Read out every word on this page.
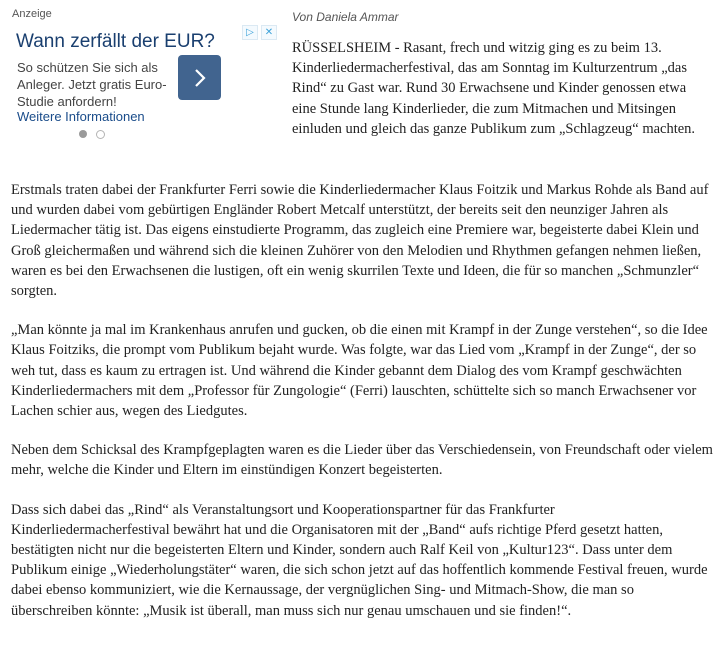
Anzeige
▷	✕
Wann zerfällt der EUR?
So schützen Sie sich als Anleger. Jetzt gratis Euro-Studie anfordern!
Weitere Informationen
Von Daniela Ammar

RÜSSELSHEIM - Rasant, frech und witzig ging es zu beim 13. Kinderliedermacherfestival, das am Sonntag im Kulturzentrum „das Rind“ zu Gast war. Rund 30 Erwachsene und Kinder genossen etwa eine Stunde lang Kinderlieder, die zum Mitmachen und Mitsingen einluden und gleich das ganze Publikum zum „Schlagzeug“ machten.

Erstmals traten dabei der Frankfurter Ferri sowie die Kinderliedermacher Klaus Foitzik und Markus Rohde als Band auf und wurden dabei vom gebürtigen Engländer Robert Metcalf unterstützt, der bereits seit den neunziger Jahren als Liedermacher tätig ist. Das eigens einstudierte Programm, das zugleich eine Premiere war, begeisterte dabei Klein und Groß gleichermaßen und während sich die kleinen Zuhörer von den Melodien und Rhythmen gefangen nehmen ließen, waren es bei den Erwachsenen die lustigen, oft ein wenig skurrilen Texte und Ideen, die für so manchen „Schmunzler“ sorgten.

„Man könnte ja mal im Krankenhaus anrufen und gucken, ob die einen mit Krampf in der Zunge verstehen“, so die Idee Klaus Foitziks, die prompt vom Publikum bejaht wurde. Was folgte, war das Lied vom „Krampf in der Zunge“, der so weh tut, dass es kaum zu ertragen ist. Und während die Kinder gebannt dem Dialog des vom Krampf geschwächten Kinderliedermachers mit dem „Professor für Zungologie“ (Ferri) lauschten, schüttelte sich so manch Erwachsener vor Lachen schier aus, wegen des Liedgutes.

Neben dem Schicksal des Krampfgeplagten waren es die Lieder über das Verschiedensein, von Freundschaft oder vielem mehr, welche die Kinder und Eltern im einstündigen Konzert begeisterten.

Dass sich dabei das „Rind“ als Veranstaltungsort und Kooperationspartner für das Frankfurter Kinderliedermacherfestival bewährt hat und die Organisatoren mit der „Band“ aufs richtige Pferd gesetzt hatten, bestätigten nicht nur die begeisterten Eltern und Kinder, sondern auch Ralf Keil von „Kultur123“. Dass unter dem Publikum einige „Wiederholungstäter“ waren, die sich schon jetzt auf das hoffentlich kommende Festival freuen, wurde dabei ebenso kommuniziert, wie die Kernaussage, der vergnüglichen Sing- und Mitmach-Show, die man so überschreiben könnte: „Musik ist überall, man muss sich nur genau umschauen und sie finden!“.
